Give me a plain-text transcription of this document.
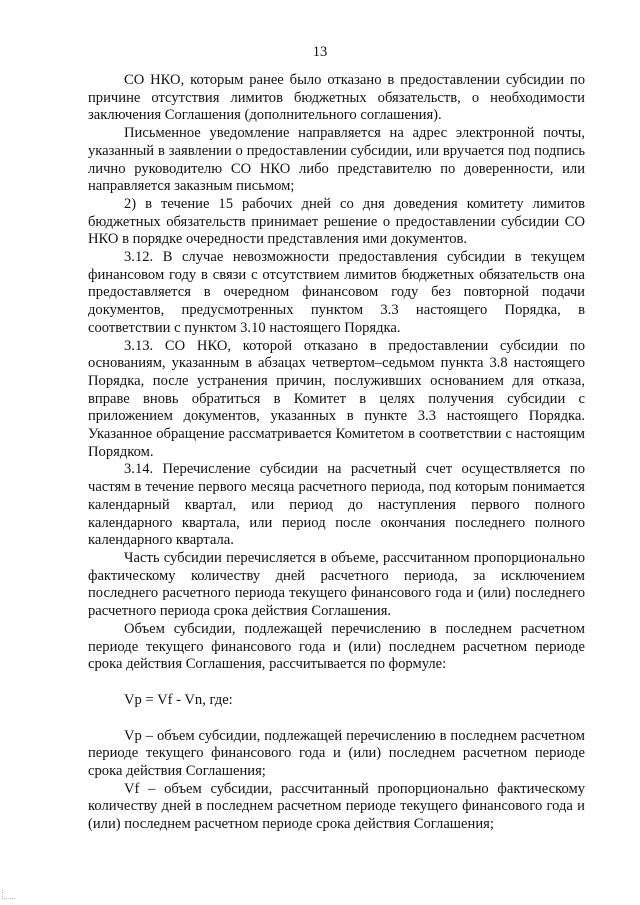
13

СО НКО, которым ранее было отказано в предоставлении субсидии по причине отсутствия лимитов бюджетных обязательств, о необходимости заключения Соглашения (дополнительного соглашения).

Письменное уведомление направляется на адрес электронной почты, указанный в заявлении о предоставлении субсидии, или вручается под подпись лично руководителю СО НКО либо представителю по доверенности, или направляется заказным письмом;

2) в течение 15 рабочих дней со дня доведения комитету лимитов бюджетных обязательств принимает решение о предоставлении субсидии СО НКО в порядке очередности представления ими документов.

3.12. В случае невозможности предоставления субсидии в текущем финансовом году в связи с отсутствием лимитов бюджетных обязательств она предоставляется в очередном финансовом году без повторной подачи документов, предусмотренных пунктом 3.3 настоящего Порядка, в соответствии с пунктом 3.10 настоящего Порядка.

3.13. СО НКО, которой отказано в предоставлении субсидии по основаниям, указанным в абзацах четвертом–седьмом пункта 3.8 настоящего Порядка, после устранения причин, послуживших основанием для отказа, вправе вновь обратиться в Комитет в целях получения субсидии с приложением документов, указанных в пункте 3.3 настоящего Порядка. Указанное обращение рассматривается Комитетом в соответствии с настоящим Порядком.

3.14. Перечисление субсидии на расчетный счет осуществляется по частям в течение первого месяца расчетного периода, под которым понимается календарный квартал, или период до наступления первого полного календарного квартала, или период после окончания последнего полного календарного квартала.

Часть субсидии перечисляется в объеме, рассчитанном пропорционально фактическому количеству дней расчетного периода, за исключением последнего расчетного периода текущего финансового года и (или) последнего расчетного периода срока действия Соглашения.

Объем субсидии, подлежащей перечислению в последнем расчетном периоде текущего финансового года и (или) последнем расчетном периоде срока действия Соглашения, рассчитывается по формуле:

Vp = Vf - Vn, где:

Vp – объем субсидии, подлежащей перечислению в последнем расчетном периоде текущего финансового года и (или) последнем расчетном периоде срока действия Соглашения;

Vf – объем субсидии, рассчитанный пропорционально фактическому количеству дней в последнем расчетном периоде текущего финансового года и (или) последнем расчетном периоде срока действия Соглашения;
